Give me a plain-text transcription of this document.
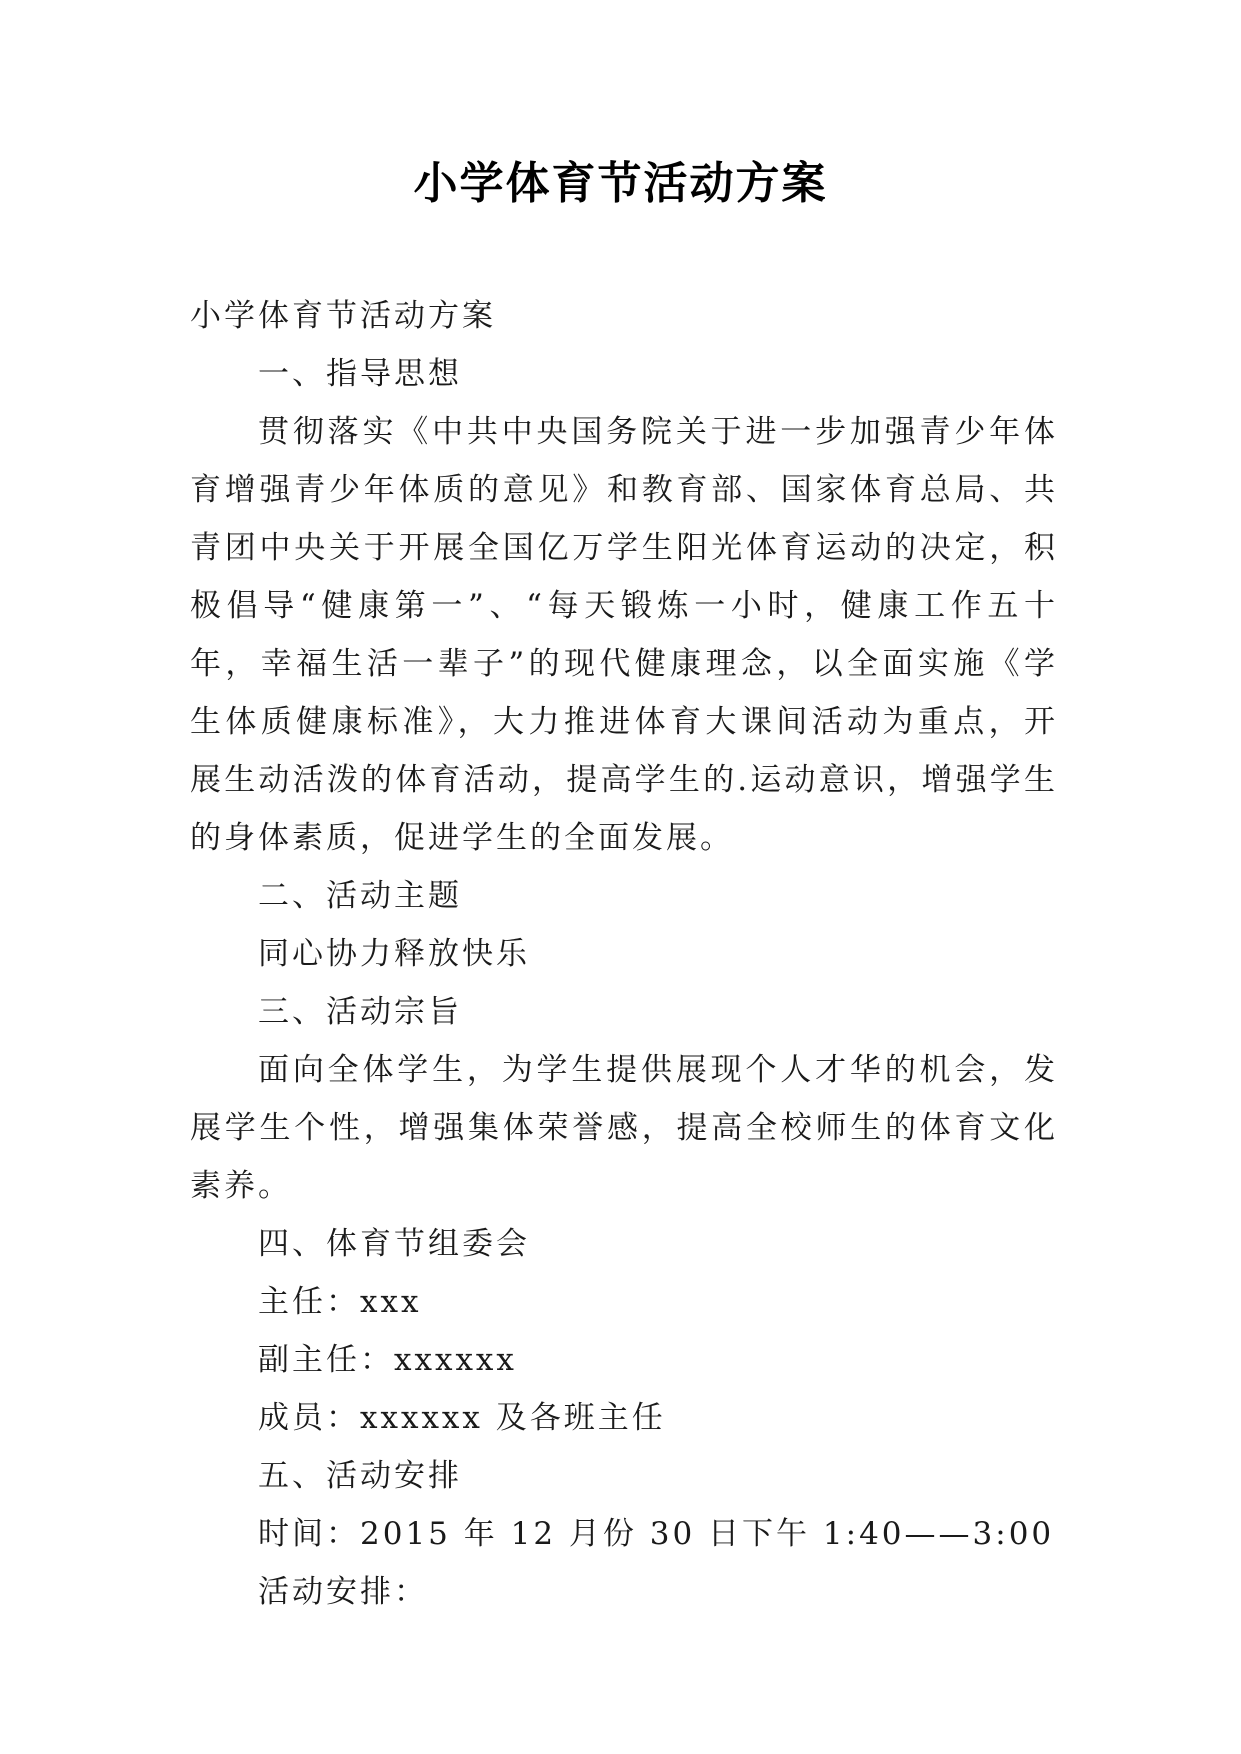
小学体育节活动方案

小学体育节活动方案

一、指导思想

贯彻落实《中共中央国务院关于进一步加强青少年体育增强青少年体质的意见》和教育部、国家体育总局、共青团中央关于开展全国亿万学生阳光体育运动的决定，积极倡导“健康第一”、“每天锻炼一小时，健康工作五十年，幸福生活一辈子”的现代健康理念，以全面实施《学生体质健康标准》，大力推进体育大课间活动为重点，开展生动活泼的体育活动，提高学生的.运动意识，增强学生的身体素质，促进学生的全面发展。

二、活动主题

同心协力释放快乐

三、活动宗旨

面向全体学生，为学生提供展现个人才华的机会，发展学生个性，增强集体荣誉感，提高全校师生的体育文化素养。

四、体育节组委会

主任：xxx

副主任：xxxxxx

成员：xxxxxx 及各班主任

五、活动安排

时间：2015 年 12 月份 30 日下午 1:40——3:00

活动安排：
